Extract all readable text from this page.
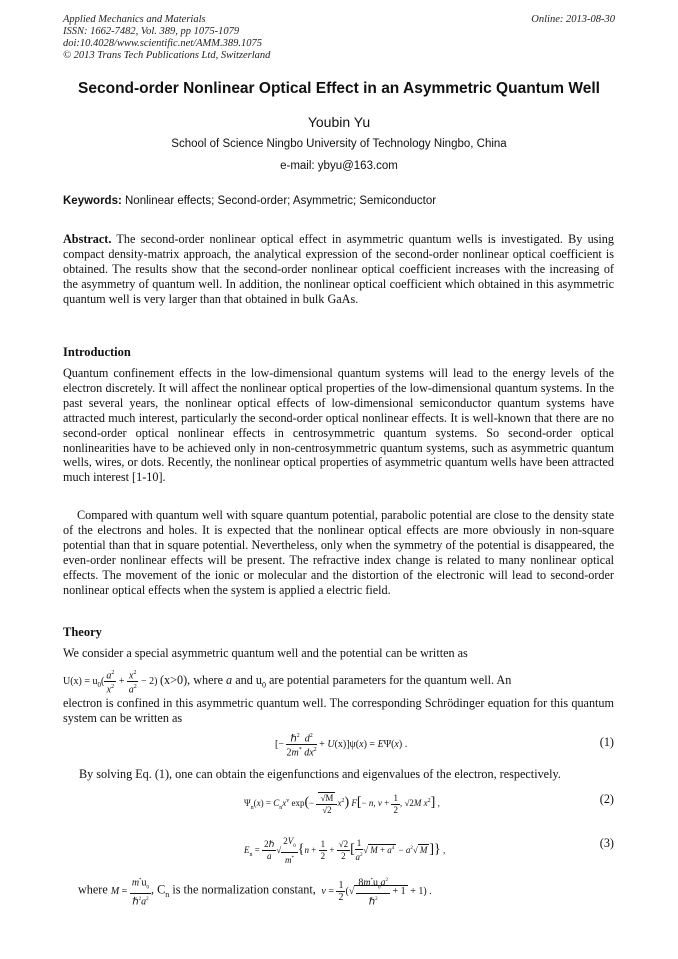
Applied Mechanics and Materials
ISSN: 1662-7482, Vol. 389, pp 1075-1079
doi:10.4028/www.scientific.net/AMM.389.1075
© 2013 Trans Tech Publications Ltd, Switzerland
Online: 2013-08-30
Second-order Nonlinear Optical Effect in an Asymmetric Quantum Well
Youbin Yu
School of Science Ningbo University of Technology Ningbo, China
e-mail: ybyu@163.com
Keywords: Nonlinear effects; Second-order; Asymmetric; Semiconductor
Abstract. The second-order nonlinear optical effect in asymmetric quantum wells is investigated. By using compact density-matrix approach, the analytical expression of the second-order nonlinear optical coefficient is obtained. The results show that the second-order nonlinear optical coefficient increases with the increasing of the asymmetry of quantum well. In addition, the nonlinear optical coefficient which obtained in this asymmetric quantum well is very larger than that obtained in bulk GaAs.
Introduction
Quantum confinement effects in the low-dimensional quantum systems will lead to the energy levels of the electron discretely. It will affect the nonlinear optical properties of the low-dimensional quantum systems. In the past several years, the nonlinear optical effects of low-dimensional semiconductor quantum systems have attracted much interest, particularly the second-order optical nonlinear effects. It is well-known that there are no second-order optical nonlinear effects in centrosymmetric quantum systems. So second-order optical nonlinearities have to be achieved only in non-centrosymmetric quantum systems, such as asymmetric quantum wells, wires, or dots. Recently, the nonlinear optical properties of asymmetric quantum wells have been attracted much interest [1-10].
Compared with quantum well with square quantum potential, parabolic potential are close to the density state of the electrons and holes. It is expected that the nonlinear optical effects are more obviously in non-square potential than that in square potential. Nevertheless, only when the symmetry of the potential is disappeared, the even-order nonlinear effects will be present. The refractive index change is related to many nonlinear optical effects. The movement of the ionic or molecular and the distortion of the electronic will lead to second-order nonlinear optical effects when the system is applied a electric field.
Theory
We consider a special asymmetric quantum well and the potential can be written as
$U(x) = u_0( \frac{a^2}{x^2} + \frac{x^2}{a^2} - 2)$ (x>0), where a and $u_0$ are potential parameters for the quantum well. An
electron is confined in this asymmetric quantum well. The corresponding Schrödinger equation for this quantum system can be written as
[− $\frac{\hbar^2 d^2}{2m^* dx^2} + U(x)]\psi(x) = E\Psi(x)$ .	(1)
By solving Eq. (1), one can obtain the eigenfunctions and eigenvalues of the electron, respectively.
$\Psi_n(x) = C_nx^v$ $\exp(- \frac{√M}{√2} x^2)$ F[− n, $v + \frac{1}{2}$ , √2M $x^2$] ,	(2)
$E_n = \frac{\text{2ℏ}}{a}$ √ $\frac{2V_0}{m^*} \{n + \frac{1}{2} + \frac{√2}{2}$ [ $\frac{1}{a^2}$ √ $M + a^4 - a^2√$ M ]} ,	(3)
where $M = \frac{m^*u_0}{\hbar^2a^2}$ , $C_n$ is the normalization constant, $v = \frac{1}{2}$ (√ $\frac{8m^*u_0a^2}{\hbar^2} + 1 + 1$) .
